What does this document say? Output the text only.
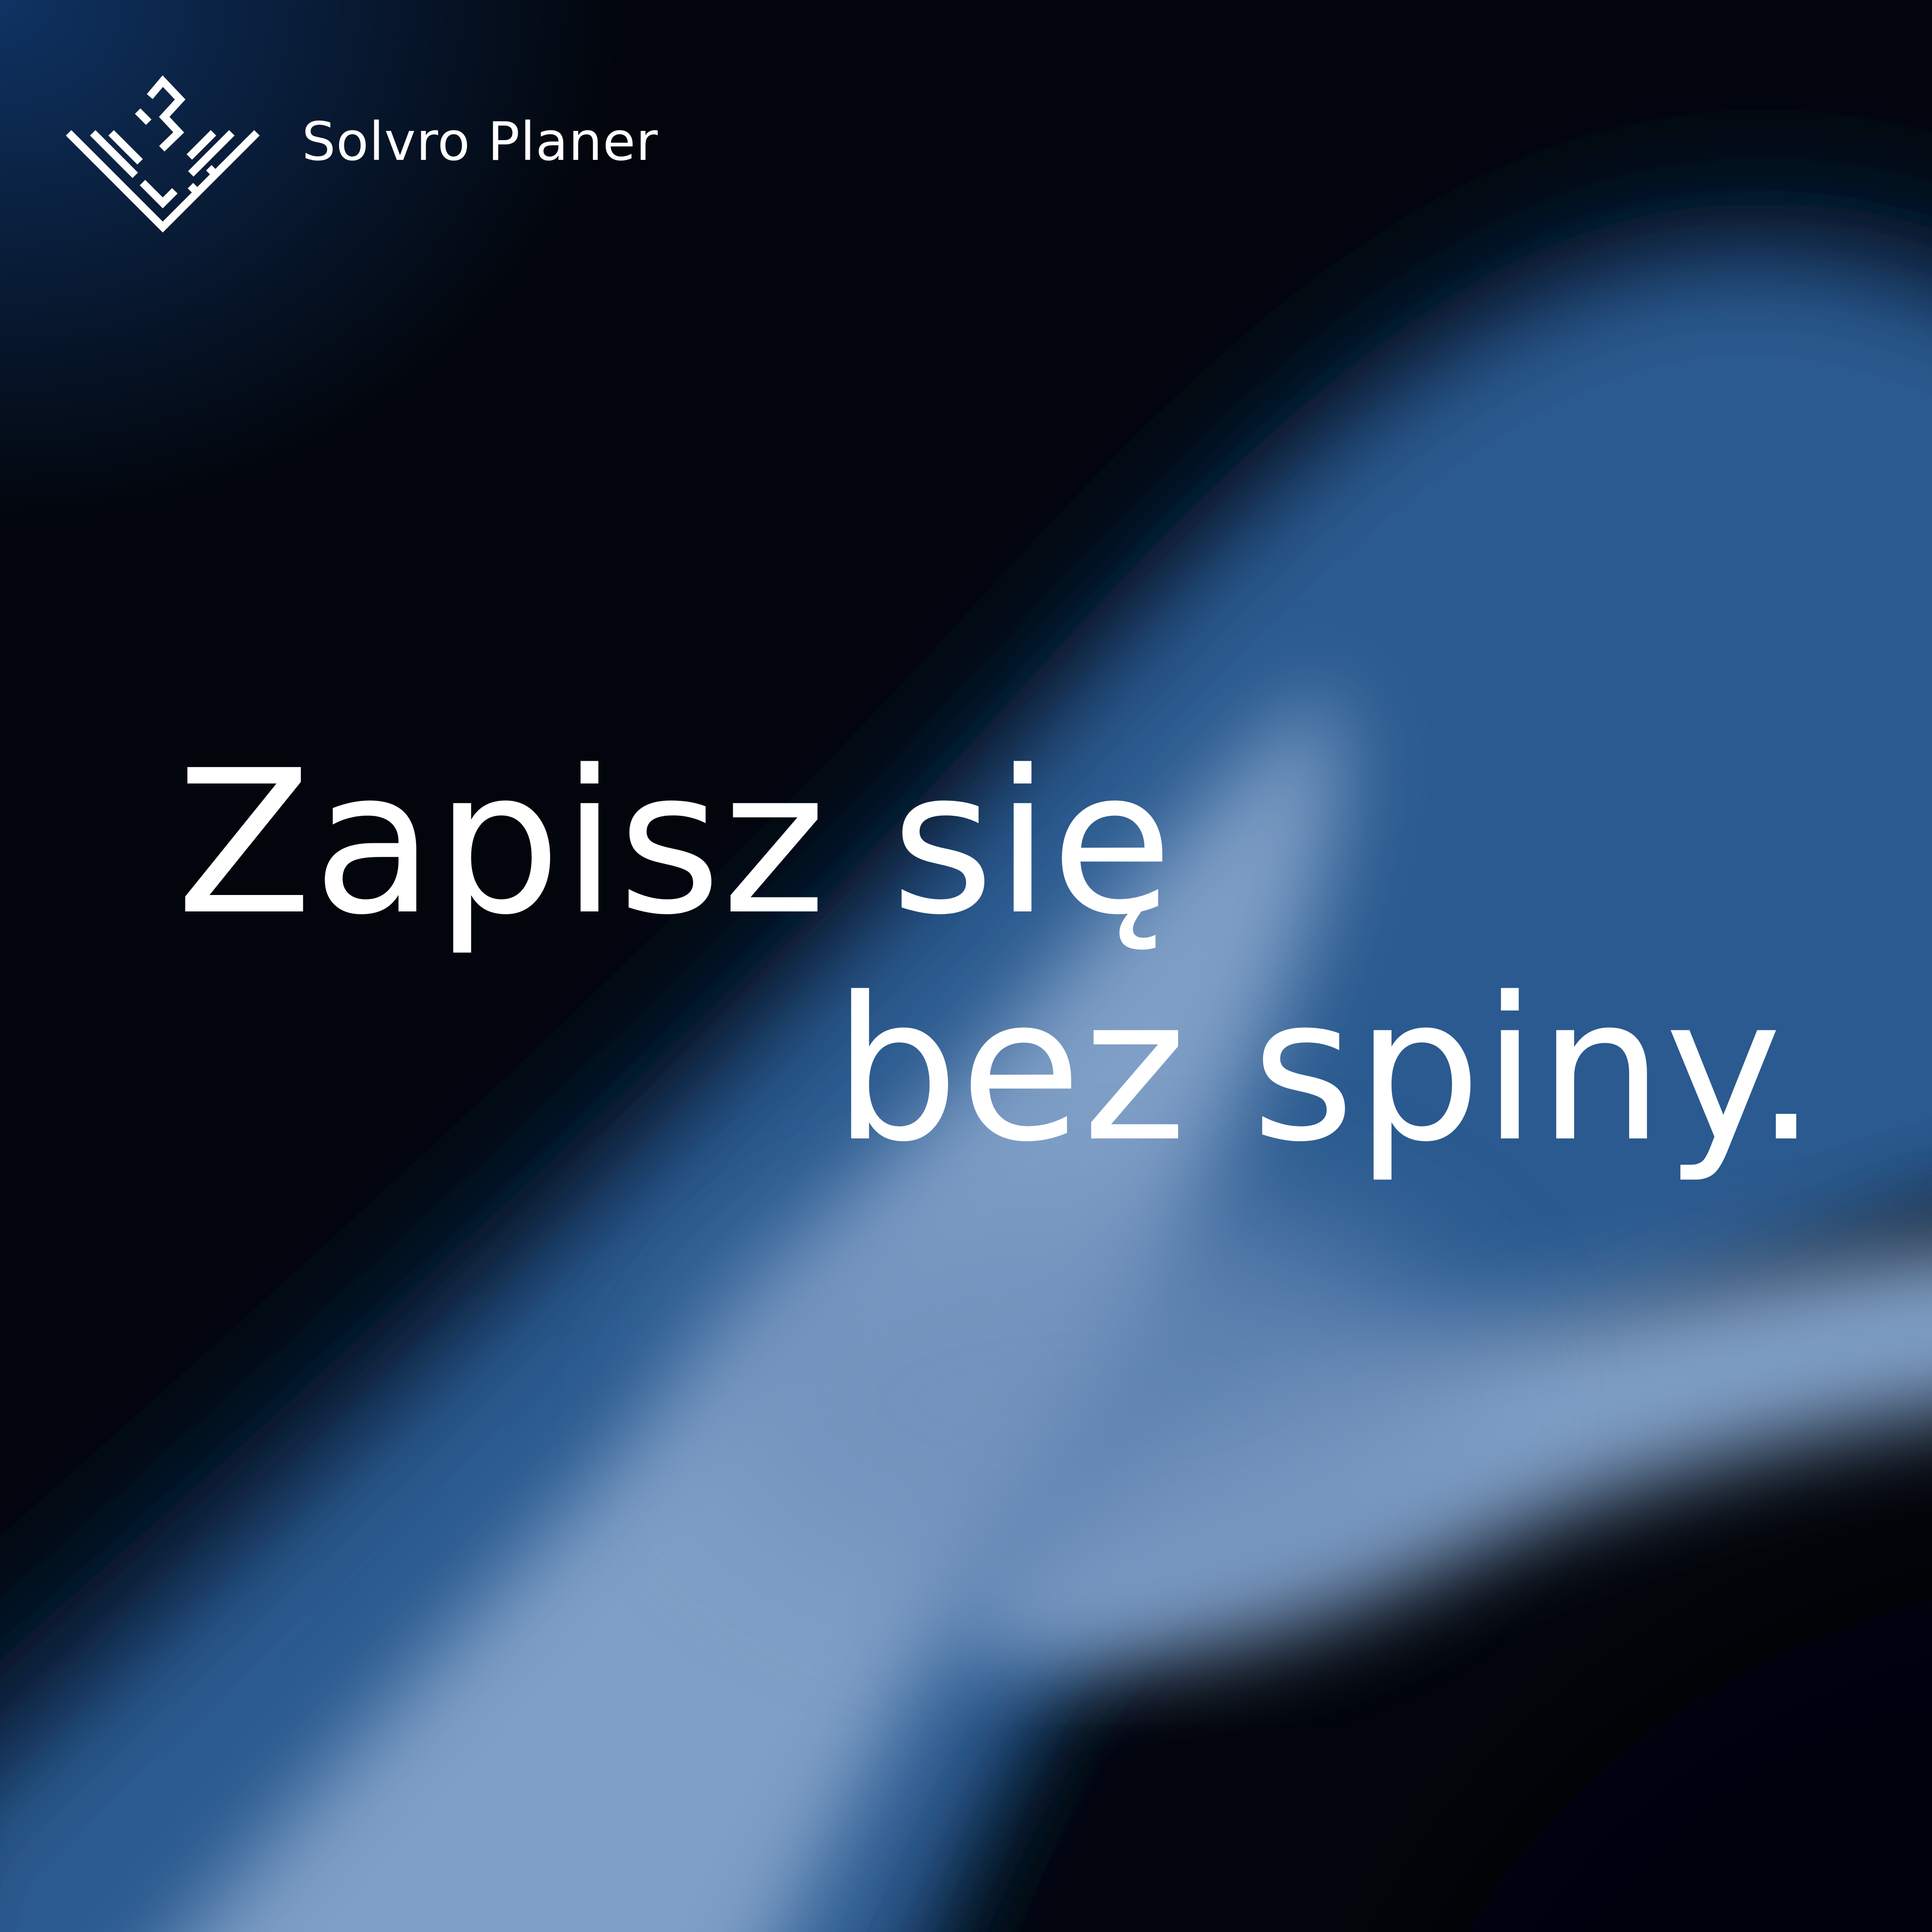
Solvro Planer
Zapisz się
bez spiny.
